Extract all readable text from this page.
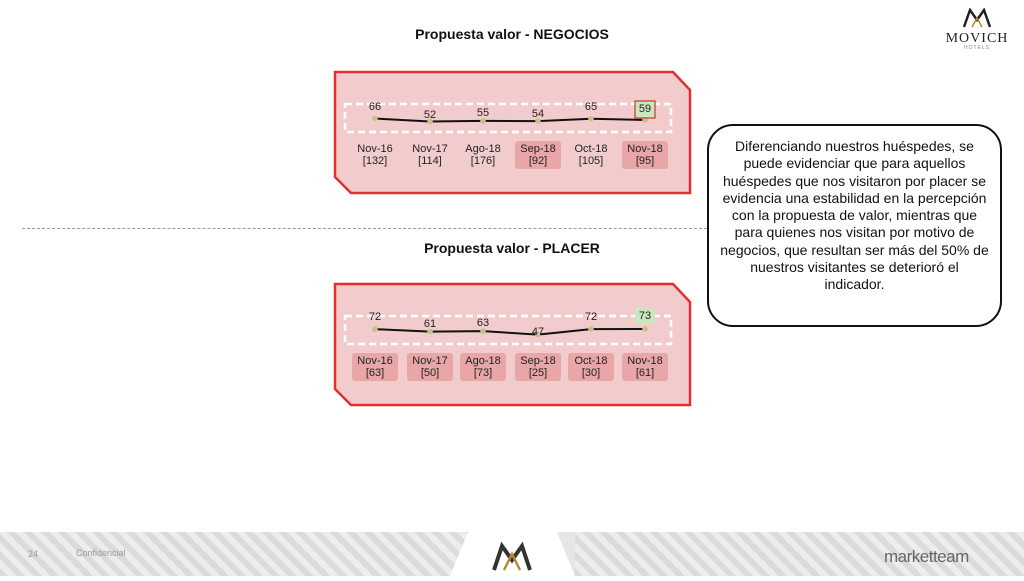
MOVICH
HOTELS
Propuesta valor - NEGOCIOS
66
52	55	54
65	59
Nov-16
[132]
Nov-17
[114]
Ago-18
[176]
Sep-18
[92]
Oct-18
[105]
Nov-18
[95]
Propuesta valor - PLACER
72
61	63
47
72	73
Nov-16
[63]
Nov-17
[50]
Ago-18
[73]
Sep-18
[25]
Oct-18
[30]
Nov-18
[61]
Diferenciando nuestros huéspedes, se puede evidenciar que para aquellos huéspedes que nos visitaron por placer se evidencia una estabilidad en la percepción con la propuesta de valor, mientras que para quienes nos visitan por motivo de negocios, que resultan ser más del 50% de nuestros visitantes se deterioró el indicador.
24	Confidencial	marketteam
